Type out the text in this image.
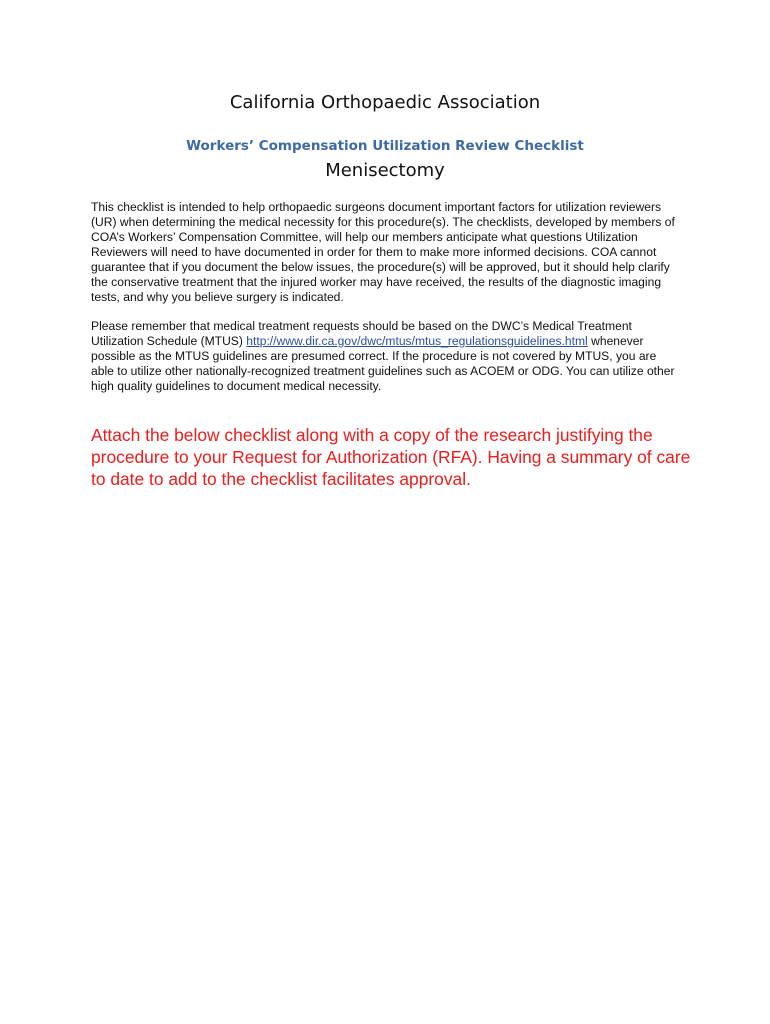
California Orthopaedic Association
Workers’ Compensation Utilization Review Checklist
Menisectomy

This checklist is intended to help orthopaedic surgeons document important factors for utilization reviewers (UR) when determining the medical necessity for this procedure(s). The checklists, developed by members of COA’s Workers’ Compensation Committee, will help our members anticipate what questions Utilization Reviewers will need to have documented in order for them to make more informed decisions. COA cannot guarantee that if you document the below issues, the procedure(s) will be approved, but it should help clarify the conservative treatment that the injured worker may have received, the results of the diagnostic imaging tests, and why you believe surgery is indicated.

Please remember that medical treatment requests should be based on the DWC’s Medical Treatment Utilization Schedule (MTUS) http://www.dir.ca.gov/dwc/mtus/mtus_regulationsguidelines.html whenever possible as the MTUS guidelines are presumed correct. If the procedure is not covered by MTUS, you are able to utilize other nationally-recognized treatment guidelines such as ACOEM or ODG. You can utilize other high quality guidelines to document medical necessity.

Attach the below checklist along with a copy of the research justifying the procedure to your Request for Authorization (RFA). Having a summary of care to date to add to the checklist facilitates approval.
